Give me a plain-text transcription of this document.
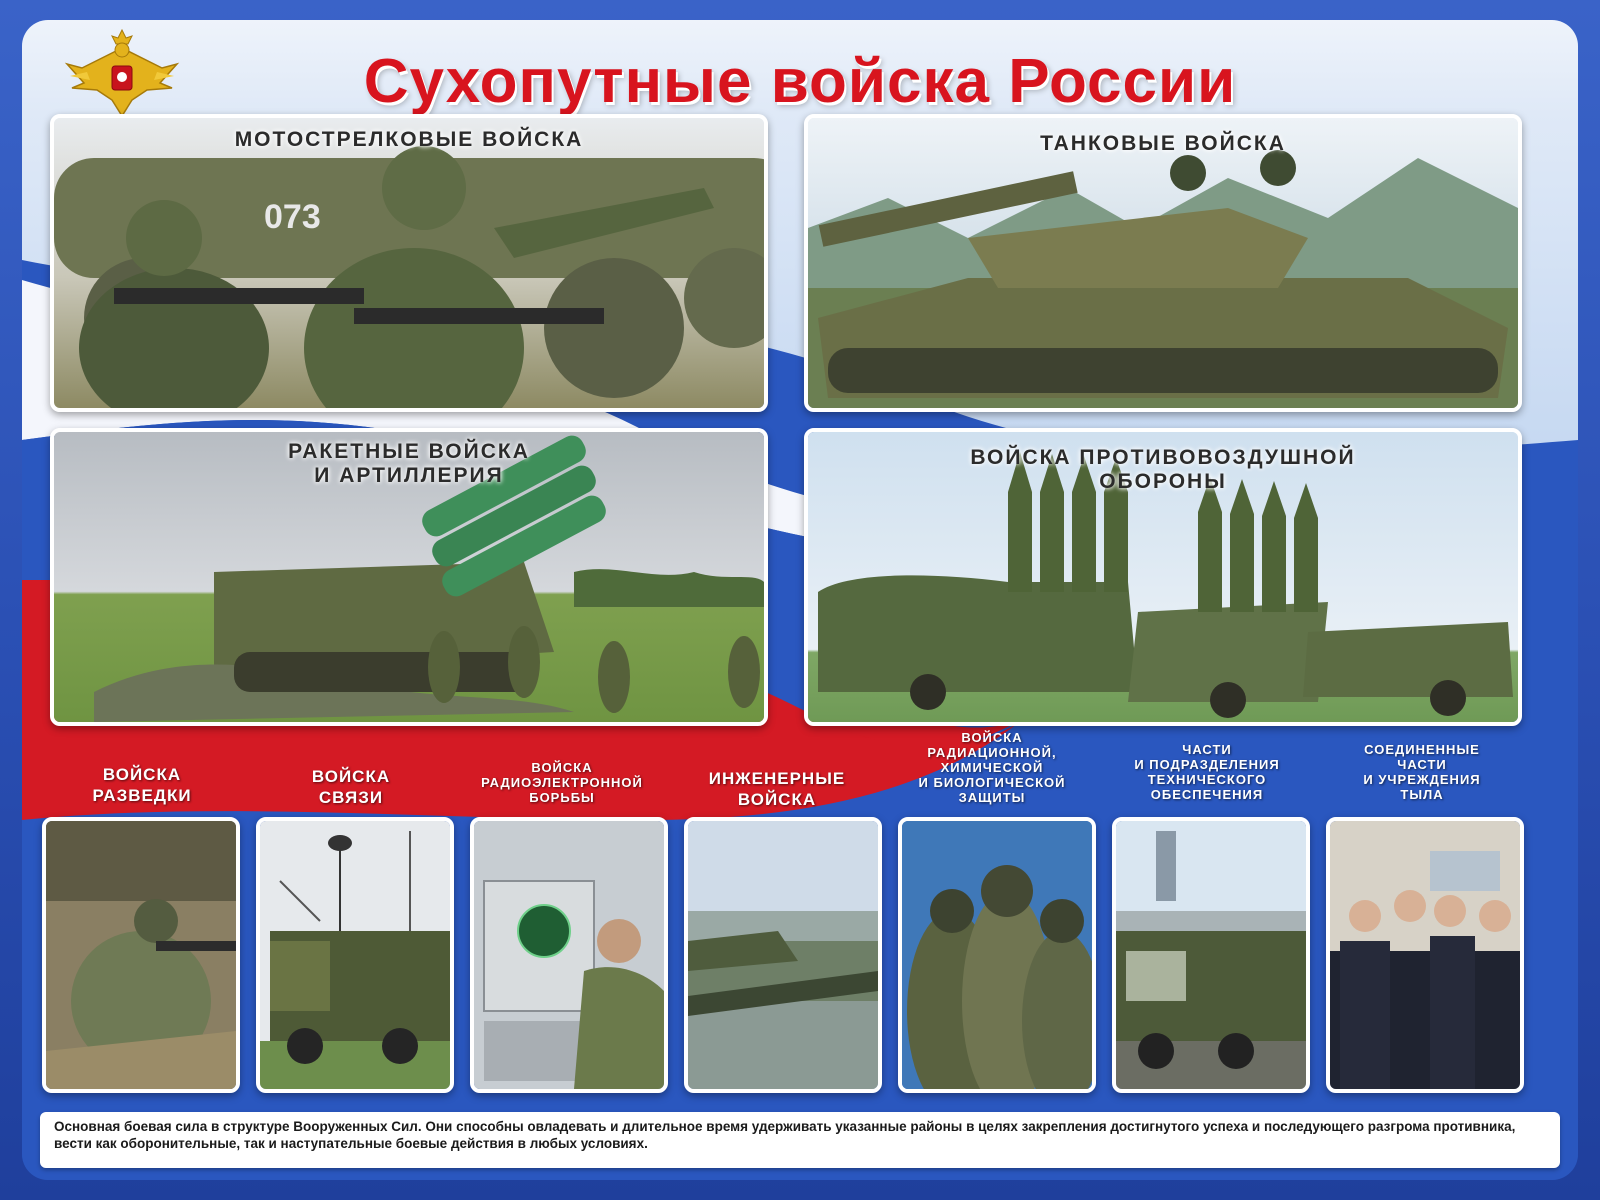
Сухопутные войска России
073
МОТОСТРЕЛКОВЫЕ ВОЙСКА	ТАНКОВЫЕ ВОЙСКА
РАКЕТНЫЕ ВОЙСКА
И АРТИЛЛЕРИЯ
ВОЙСКА ПРОТИВОВОЗДУШНОЙ
ОБОРОНЫ
ВОЙСКА
РАЗВЕДКИ
ВОЙСКА
СВЯЗИ
ВОЙСКА
РАДИОЭЛЕКТРОННОЙ
БОРЬБЫ
ИНЖЕНЕРНЫЕ
ВОЙСКА
ВОЙСКА
РАДИАЦИОННОЙ,
ХИМИЧЕСКОЙ
И БИОЛОГИЧЕСКОЙ
ЗАЩИТЫ
ЧАСТИ
И ПОДРАЗДЕЛЕНИЯ
ТЕХНИЧЕСКОГО
ОБЕСПЕЧЕНИЯ
СОЕДИНЕННЫЕ
ЧАСТИ
И УЧРЕЖДЕНИЯ
ТЫЛА

Основная боевая сила в структуре Вооруженных Сил. Они способны овладевать и длительное время удерживать указанные районы в целях закрепления достигнутого успеха и последующего разгрома противника, вести как оборонительные, так и наступательные боевые действия в любых условиях.
